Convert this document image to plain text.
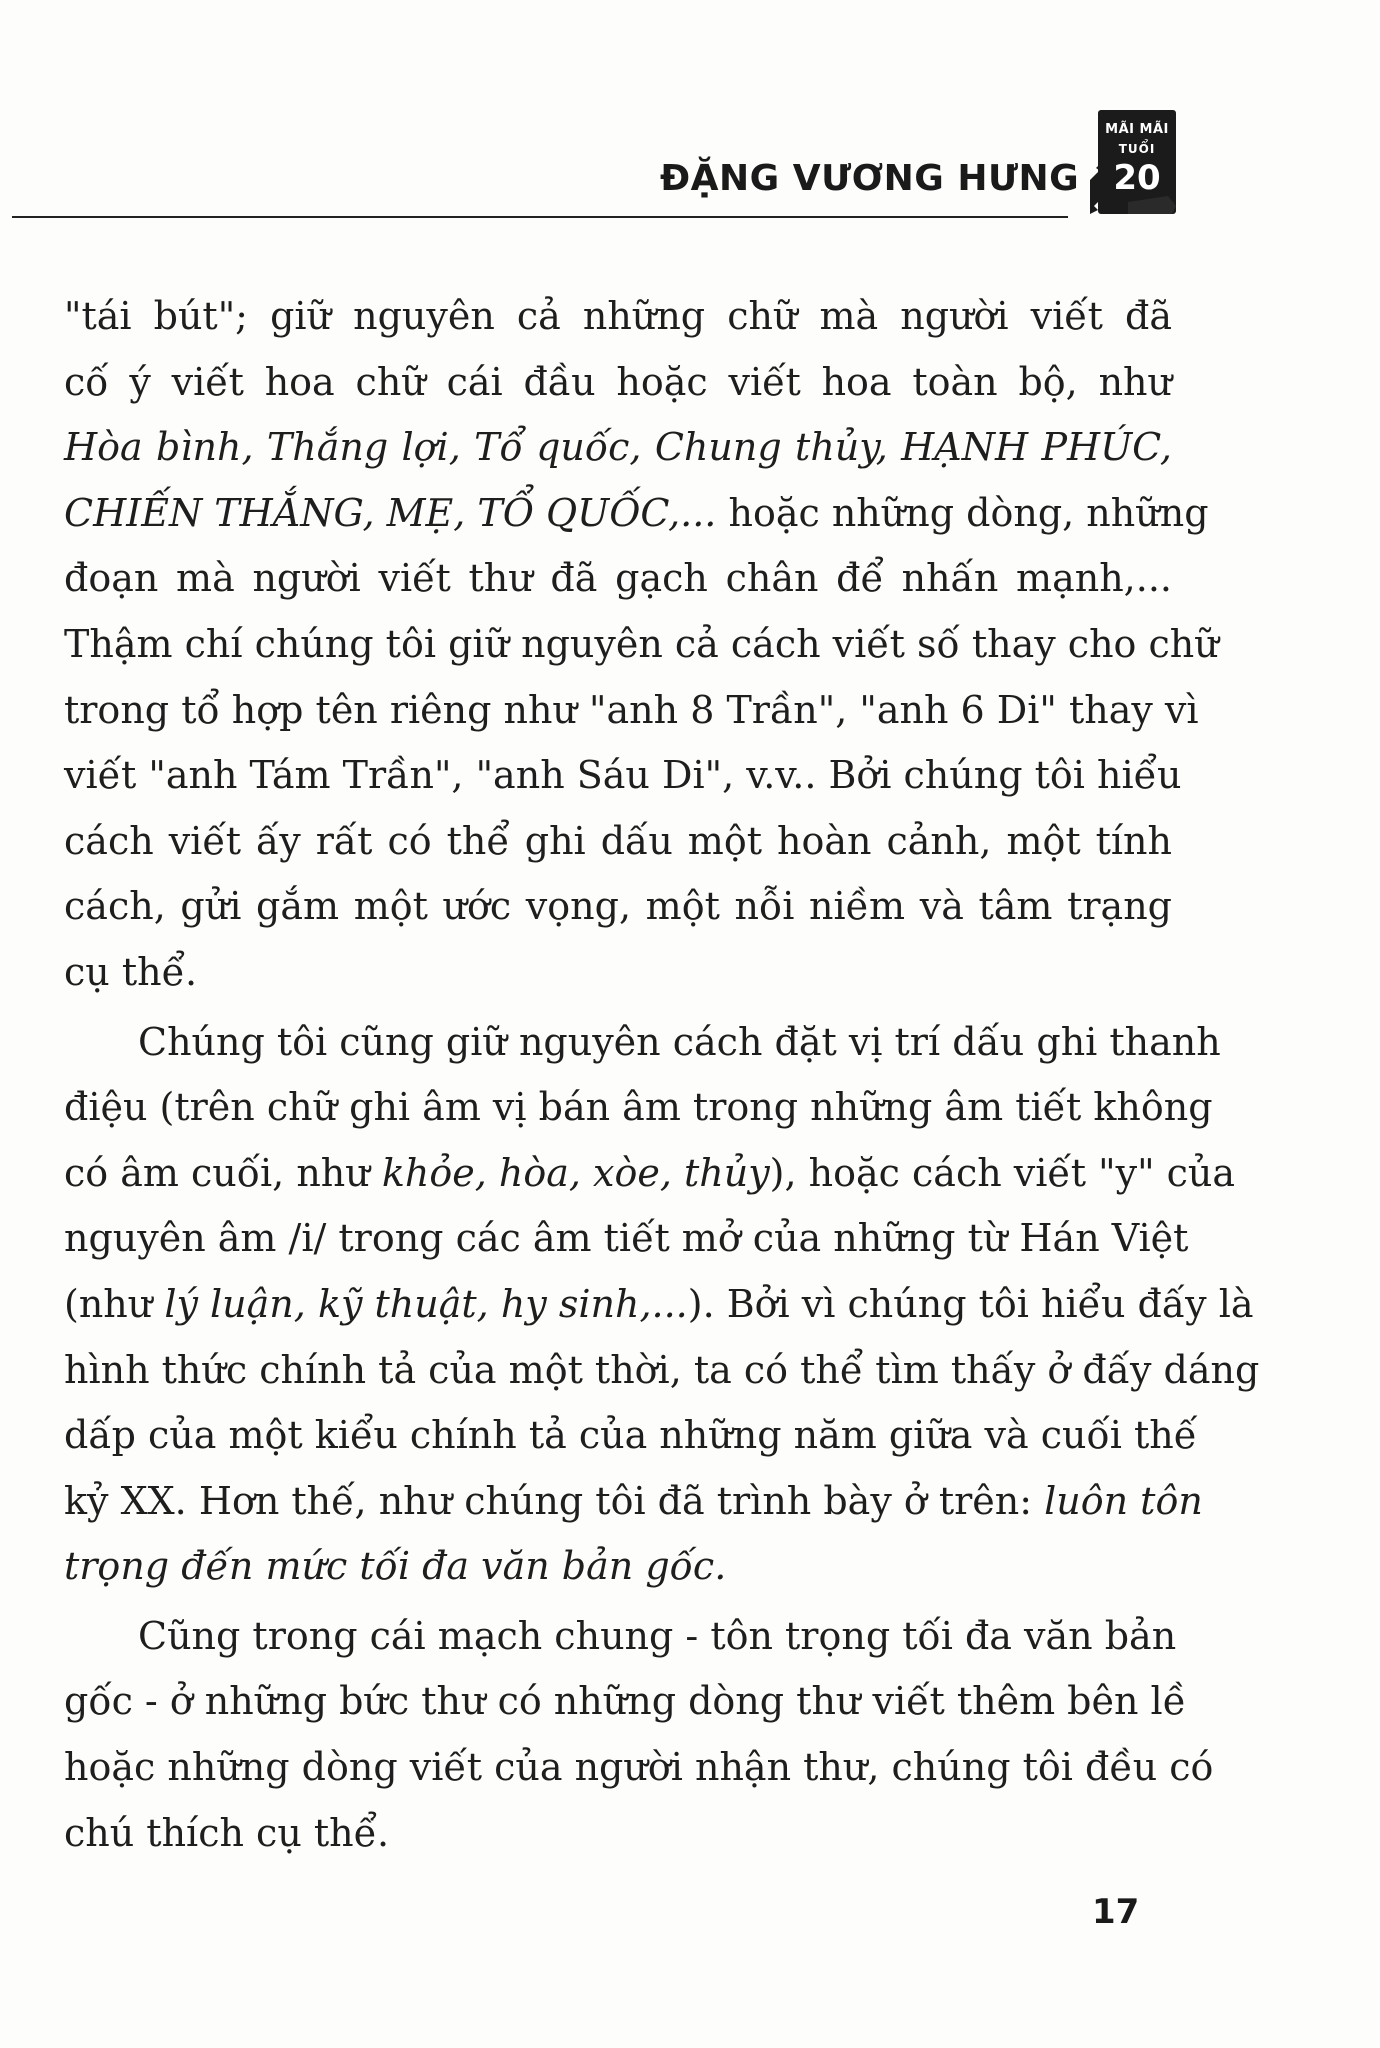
ĐẶNG VƯƠNG HƯNG
MÃI MÃI
TUỔI
20
"tái bút"; giữ nguyên cả những chữ mà người viết đã
cố ý viết hoa chữ cái đầu hoặc viết hoa toàn bộ, như
Hòa bình, Thắng lợi, Tổ quốc, Chung thủy, HẠNH PHÚC,
CHIẾN THẮNG, MẸ, TỔ QUỐC,... hoặc những dòng, những
đoạn mà người viết thư đã gạch chân để nhấn mạnh,...
Thậm chí chúng tôi giữ nguyên cả cách viết số thay cho chữ
trong tổ hợp tên riêng như "anh 8 Trần", "anh 6 Di" thay vì
viết "anh Tám Trần", "anh Sáu Di", v.v.. Bởi chúng tôi hiểu
cách viết ấy rất có thể ghi dấu một hoàn cảnh, một tính
cách, gửi gắm một ước vọng, một nỗi niềm và tâm trạng
cụ thể.
Chúng tôi cũng giữ nguyên cách đặt vị trí dấu ghi thanh
điệu (trên chữ ghi âm vị bán âm trong những âm tiết không
có âm cuối, như khỏe, hòa, xòe, thủy), hoặc cách viết "y" của
nguyên âm /i/ trong các âm tiết mở của những từ Hán Việt
(như lý luận, kỹ thuật, hy sinh,...). Bởi vì chúng tôi hiểu đấy là
hình thức chính tả của một thời, ta có thể tìm thấy ở đấy dáng
dấp của một kiểu chính tả của những năm giữa và cuối thế
kỷ XX. Hơn thế, như chúng tôi đã trình bày ở trên: luôn tôn
trọng đến mức tối đa văn bản gốc.
Cũng trong cái mạch chung - tôn trọng tối đa văn bản
gốc - ở những bức thư có những dòng thư viết thêm bên lề
hoặc những dòng viết của người nhận thư, chúng tôi đều có
chú thích cụ thể.
17
